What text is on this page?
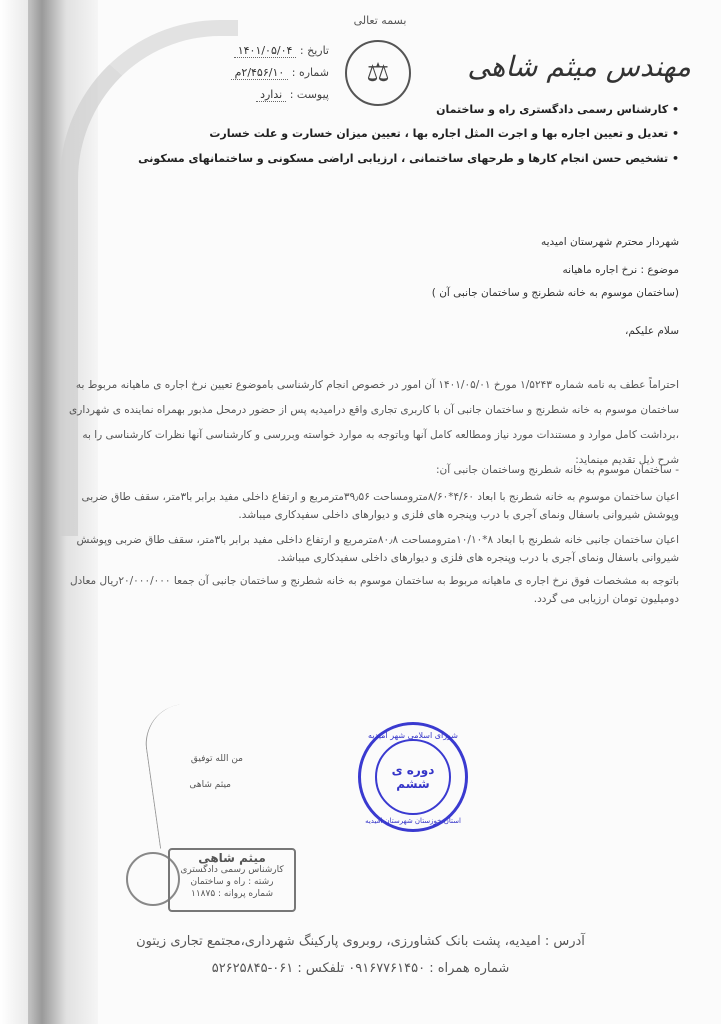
بسمه تعالی
مهندس میثم شاهی
⚖
تاریخ : ۱۴۰۱/۰۵/۰۴
شماره : ۲/۴۵۶/۱۰م
پیوست : ندارد
• کارشناس رسمی دادگستری راه و ساختمان
• تعدیل و تعیین اجاره بها و اجرت المثل اجاره بها ، تعیین میزان خسارت و علت خسارت
• تشخیص حسن انجام کارها و طرحهای ساختمانی ، ارزیابی اراضی مسکونی و ساختمانهای مسکونی
شهردار محترم شهرستان امیدیه
موضوع : نرخ اجاره ماهیانه
(ساختمان موسوم به خانه شطرنج و ساختمان جانبی آن )
سلام علیکم،
احتراماً عطف به نامه شماره ۱/۵۲۴۳ مورخ ۱۴۰۱/۰۵/۰۱ آن امور در خصوص انجام کارشناسی باموضوع تعیین نرخ اجاره ی ماهیانه مربوط به ساختمان موسوم به خانه شطرنج و ساختمان جانبی آن با کاربری تجاری واقع درامیدیه پس از حضور درمحل مذبور بهمراه نماینده ی شهرداری ،برداشت کامل موارد و مستندات مورد نیاز ومطالعه کامل آنها وباتوجه به موارد خواسته وبررسی و کارشناسی آنها نظرات کارشناسی را به شرح ذیل تقدیم مینماید:
- ساختمان موسوم به خانه شطرنج وساختمان جانبی آن:
اعیان ساختمان موسوم به خانه شطرنج با ابعاد ۴/۶۰*۸/۶۰مترومساحت ۳۹٫۵۶مترمربع و ارتفاع داخلی مفید برابر با۳متر، سقف طاق ضربی وپوشش شیروانی باسفال ونمای آجری با درب وپنجره های فلزی و دیوارهای داخلی سفیدکاری میباشد.
اعیان ساختمان جانبی خانه شطرنج با ابعاد ۸*۱۰/۱۰مترومساحت ۸۰٫۸مترمربع و ارتفاع داخلی مفید برابر با۳متر، سقف طاق ضربی وپوشش شیروانی باسفال ونمای آجری با درب وپنجره های فلزی و دیوارهای داخلی سفیدکاری میباشد.
باتوجه به مشخصات فوق نرخ اجاره ی ماهیانه مربوط به ساختمان موسوم به خانه شطرنج و ساختمان جانبی آن جمعا ۲۰/۰۰۰/۰۰۰ریال معادل دومیلیون تومان ارزیابی می گردد.
من الله توفیق
میثم شاهی
شورای اسلامی شهر امیدیه
دوره ی ششم
استان خوزستان شهرستان امیدیه
میثم شاهی
کارشناس رسمی دادگستری
رشته : راه و ساختمان
شماره پروانه : ۱۱۸۷۵
آدرس : امیدیه، پشت بانک کشاورزی، روبروی پارکینگ شهرداری،مجتمع تجاری زیتون
شماره همراه : ۰۹۱۶۷۷۶۱۴۵۰ تلفکس : ۰۶۱-۵۲۶۲۵۸۴۵
